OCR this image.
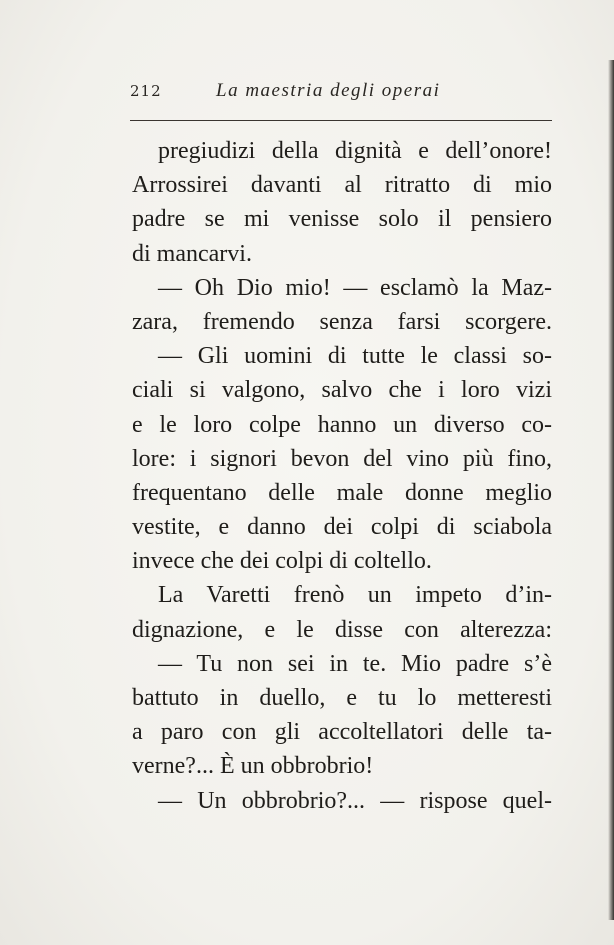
212	La maestria degli operai
pregiudizi della dignità e dell’onore!
Arrossirei davanti al ritratto di mio
padre se mi venisse solo il pensiero
di mancarvi.
— Oh Dio mio! — esclamò la Maz-
zara, fremendo senza farsi scorgere.
— Gli uomini di tutte le classi so-
ciali si valgono, salvo che i loro vizi
e le loro colpe hanno un diverso co-
lore: i signori bevon del vino più fino,
frequentano delle male donne meglio
vestite, e danno dei colpi di sciabola
invece che dei colpi di coltello.
La Varetti frenò un impeto d’in-
dignazione, e le disse con alterezza:
— Tu non sei in te. Mio padre s’è
battuto in duello, e tu lo metteresti
a paro con gli accoltellatori delle ta-
verne?... È un obbrobrio!
— Un obbrobrio?... — rispose quel-
